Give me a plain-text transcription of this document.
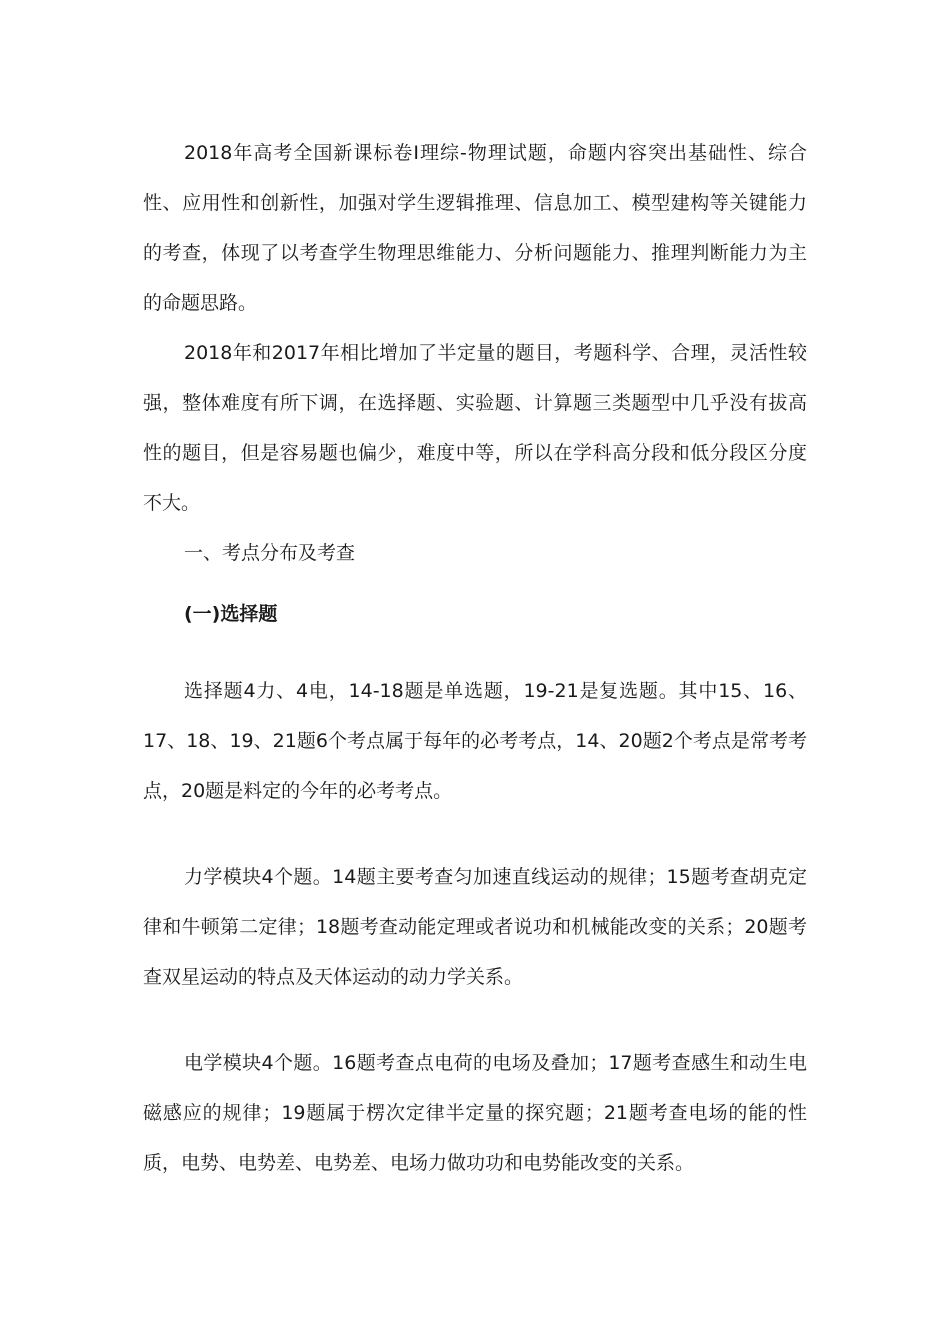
2018年高考全国新课标卷Ⅰ理综-物理试题，命题内容突出基础性、综合性、应用性和创新性，加强对学生逻辑推理、信息加工、模型建构等关键能力的考查，体现了以考查学生物理思维能力、分析问题能力、推理判断能力为主的命题思路。

2018年和2017年相比增加了半定量的题目，考题科学、合理，灵活性较强，整体难度有所下调，在选择题、实验题、计算题三类题型中几乎没有拔高性的题目，但是容易题也偏少，难度中等，所以在学科高分段和低分段区分度不大。

一、考点分布及考查

(一)选择题

选择题4力、4电，14-18题是单选题，19-21是复选题。其中15、16、17、18、19、21题6个考点属于每年的必考考点，14、20题2个考点是常考考点，20题是料定的今年的必考考点。

力学模块4个题。14题主要考查匀加速直线运动的规律；15题考查胡克定律和牛顿第二定律；18题考查动能定理或者说功和机械能改变的关系；20题考查双星运动的特点及天体运动的动力学关系。

电学模块4个题。16题考查点电荷的电场及叠加；17题考查感生和动生电磁感应的规律；19题属于楞次定律半定量的探究题；21题考查电场的能的性质，电势、电势差、电势差、电场力做功功和电势能改变的关系。
